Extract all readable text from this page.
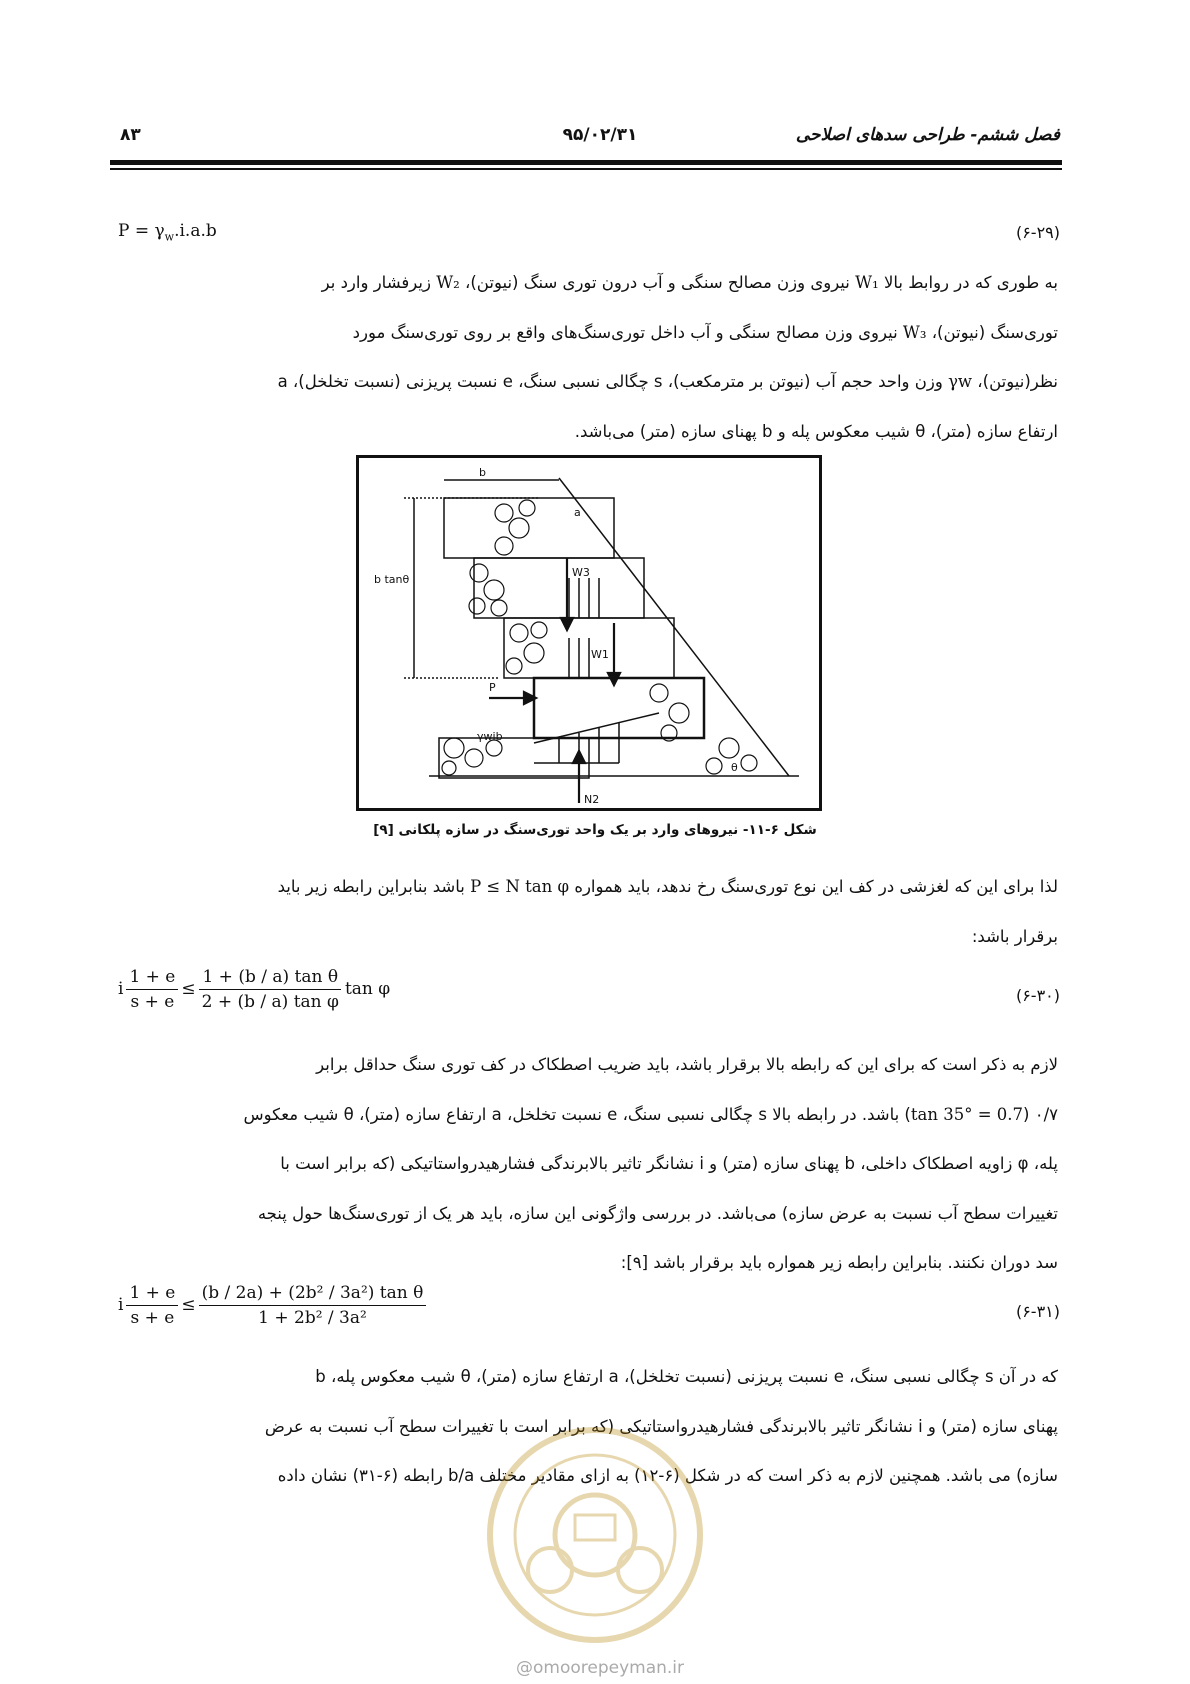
فصل ششم- طراحی سدهای اصلاحی
۹۵/۰۲/۳۱
۸۳
$P = \gamma_w.i.a.b$	(۶-۲۹)
به طوری که در روابط بالا W₁ نیروی وزن مصالح سنگی و آب درون توری سنگ (نیوتن)، W₂ زیرفشار وارد بر
توری‌سنگ (نیوتن)، W₃ نیروی وزن مصالح سنگی و آب داخل توری‌سنگ‌های واقع بر روی توری‌سنگ مورد
نظر(نیوتن)، γw وزن واحد حجم آب (نیوتن بر مترمکعب)، s چگالی نسبی سنگ، e نسبت پریزنی (نسبت تخلخل)، a
ارتفاع سازه (متر)، θ شیب معکوس پله و b پهنای سازه (متر) می‌باشد.
b
a
b tanθ
W3
W1
P
γwib
N2
θ
شکل ۶-۱۱- نیروهای وارد بر یک واحد توری‌سنگ در سازه پلکانی [۹]
لذا برای این که لغزشی در کف این نوع توری‌سنگ رخ ندهد، باید همواره P ≤ N tan φ باشد بنابراین رابطه زیر باید
برقرار باشد:
i $\frac{1 + e}{s + e} \le \frac{\text{1 + (b / a) tan θ}}{\text{2 + (b / a) tan φ}}$ tan φ	(۶-۳۰)
لازم به ذکر است که برای این که رابطه بالا برقرار باشد، باید ضریب اصطکاک در کف توری سنگ حداقل برابر
۰/۷ (tan 35° = 0.7) باشد. در رابطه بالا s چگالی نسبی سنگ، e نسبت تخلخل، a ارتفاع سازه (متر)، θ شیب معکوس
پله، φ زاویه اصطکاک داخلی، b پهنای سازه (متر) و i نشانگر تاثیر بالابرندگی فشارهیدرواستاتیکی (که برابر است با
تغییرات سطح آب نسبت به عرض سازه) می‌باشد. در بررسی واژگونی این سازه، باید هر یک از توری‌سنگ‌ها حول پنجه
سد دوران نکنند. بنابراین رابطه زیر همواره باید برقرار باشد [۹]:
i $\frac{1 + e}{s + e} \le \frac{\text{(b / 2a) + (2b² / 3a²) tan θ}}{\text{1 + 2b² / 3a²}}$	(۶-۳۱)
که در آن s چگالی نسبی سنگ، e نسبت پریزنی (نسبت تخلخل)، a ارتفاع سازه (متر)، θ شیب معکوس پله، b
پهنای سازه (متر) و i نشانگر تاثیر بالابرندگی فشارهیدرواستاتیکی (که برابر است با تغییرات سطح آب نسبت به عرض
سازه) می باشد. همچنین لازم به ذکر است که در شکل (۶-۱۲) به ازای مقادیر مختلف b/a رابطه (۶-۳۱) نشان داده
@omoorepeyman.ir
